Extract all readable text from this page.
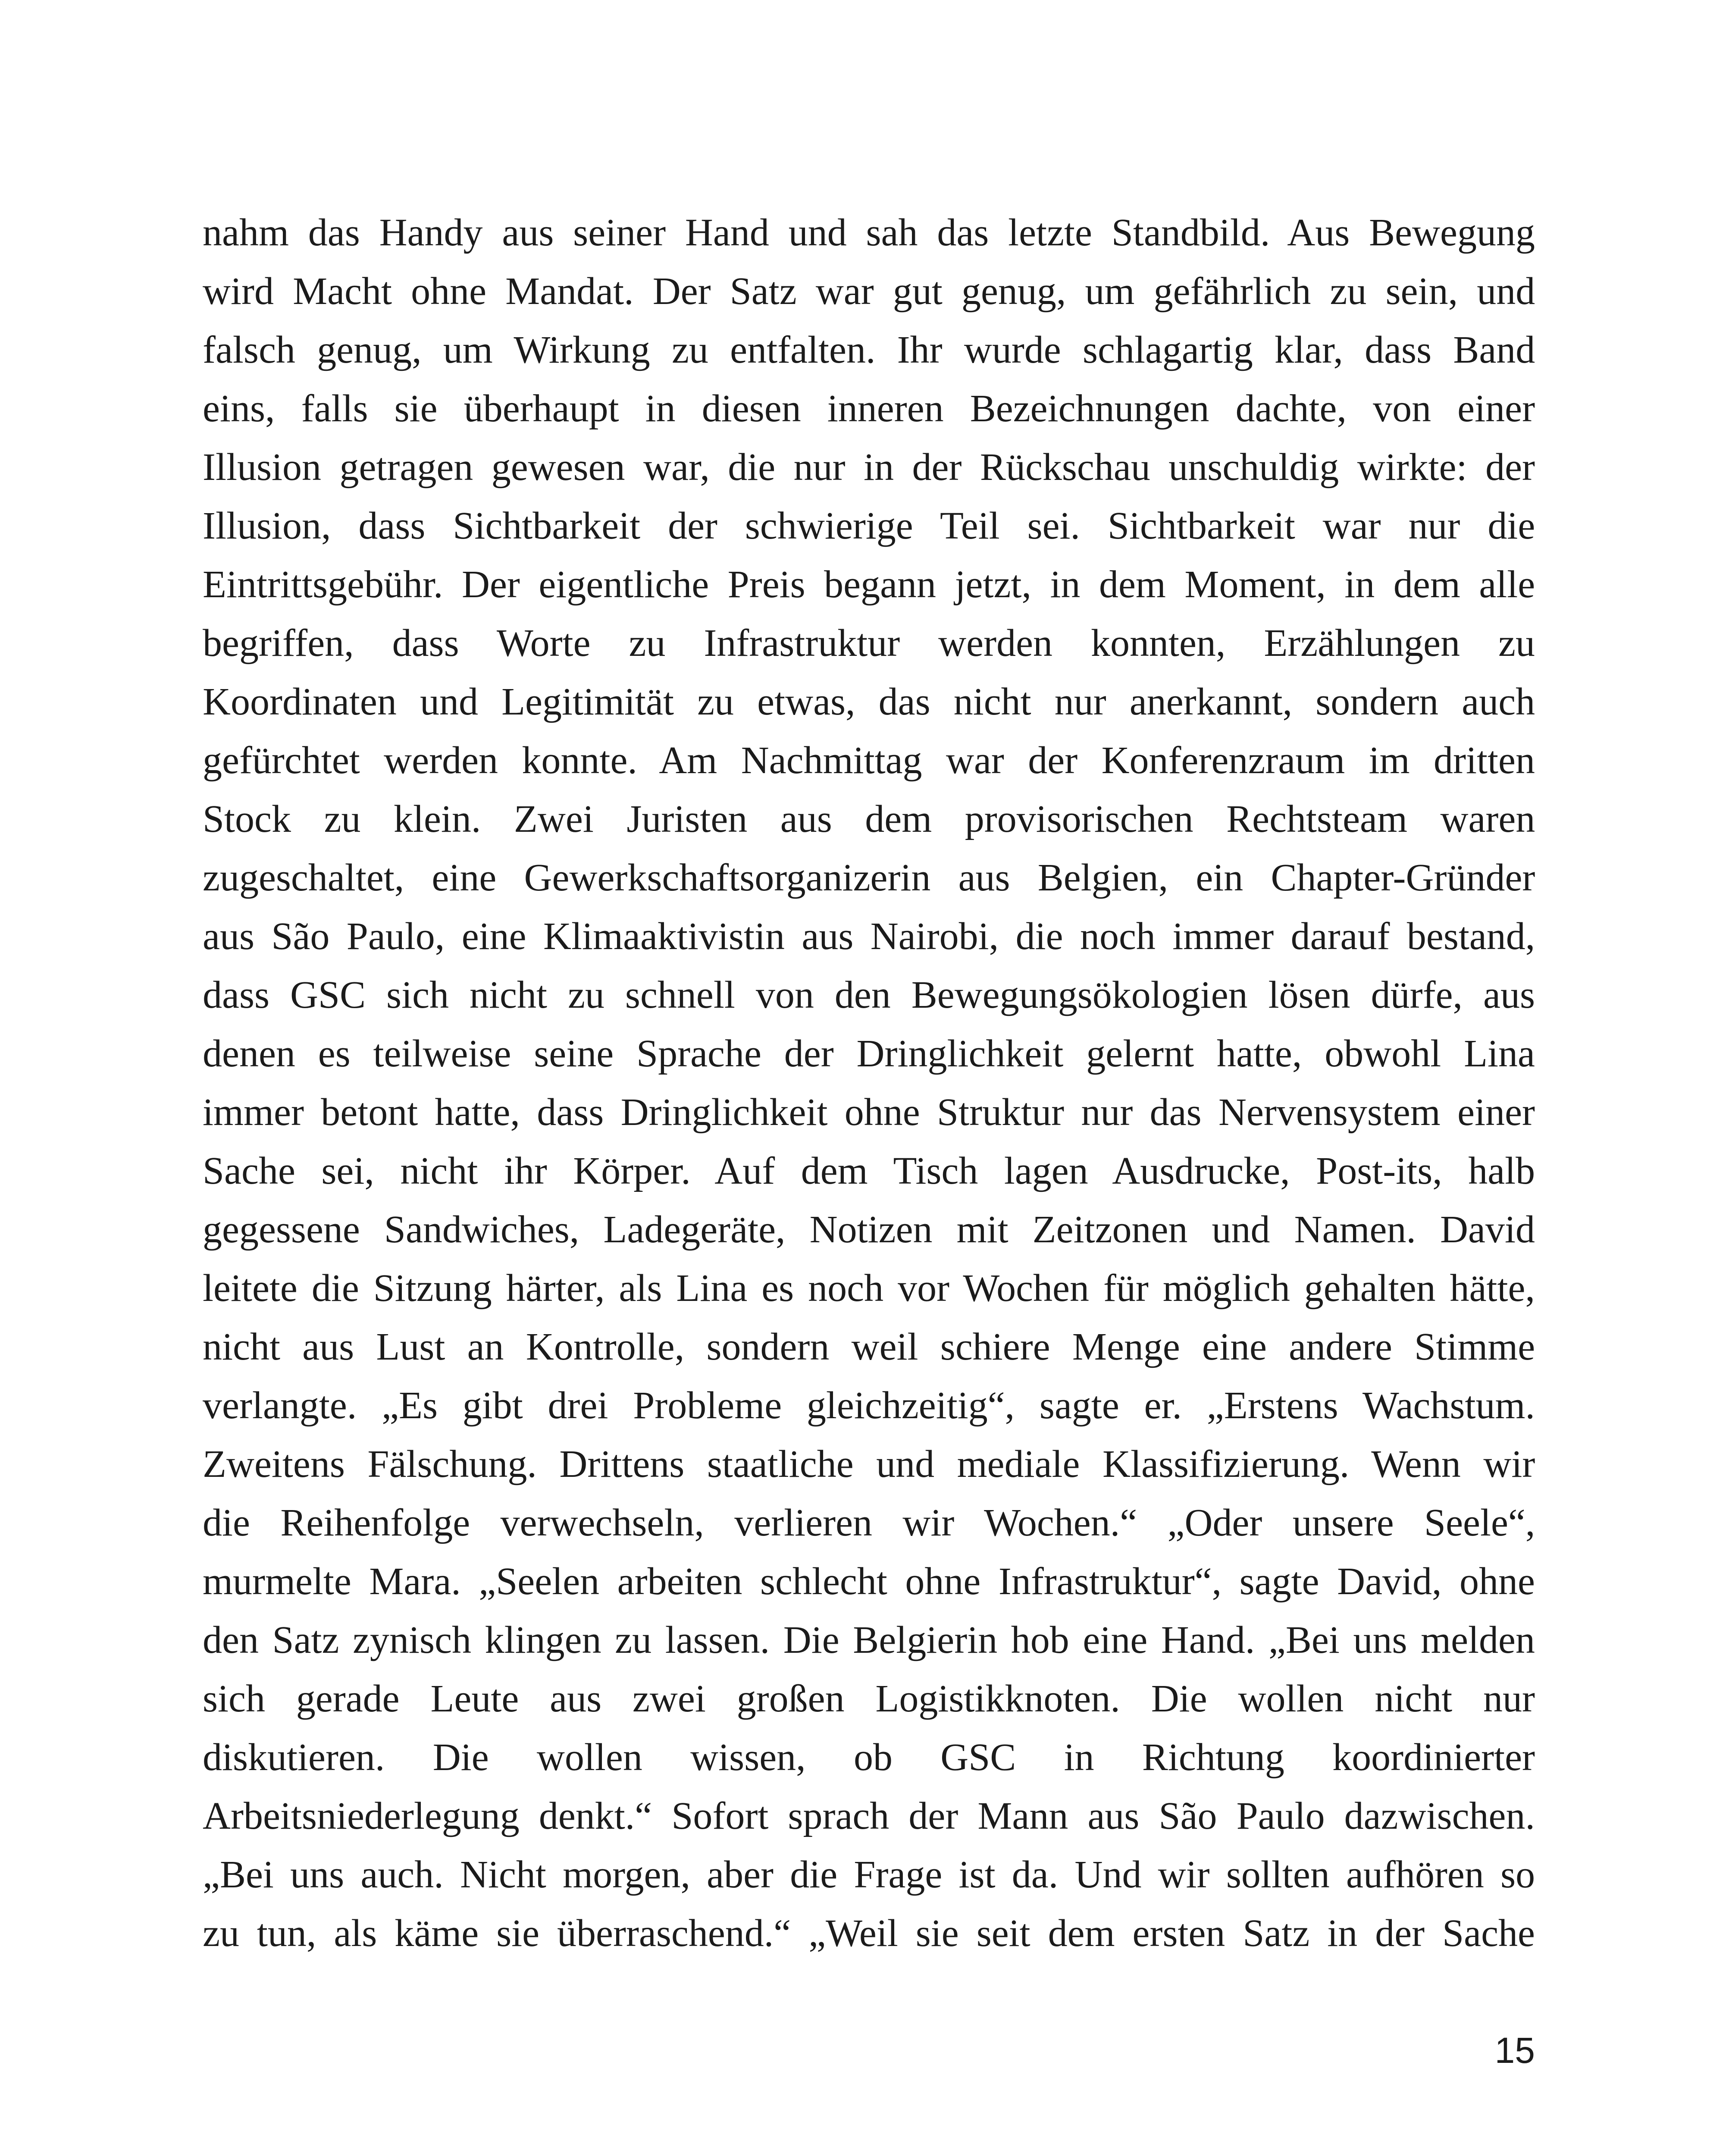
nahm das Handy aus seiner Hand und sah das letzte Standbild. Aus Bewegung
wird Macht ohne Mandat. Der Satz war gut genug, um gefährlich zu sein, und
falsch genug, um Wirkung zu entfalten. Ihr wurde schlagartig klar, dass Band
eins, falls sie überhaupt in diesen inneren Bezeichnungen dachte, von einer
Illusion getragen gewesen war, die nur in der Rückschau unschuldig wirkte: der
Illusion, dass Sichtbarkeit der schwierige Teil sei. Sichtbarkeit war nur die
Eintrittsgebühr. Der eigentliche Preis begann jetzt, in dem Moment, in dem alle
begriffen, dass Worte zu Infrastruktur werden konnten, Erzählungen zu
Koordinaten und Legitimität zu etwas, das nicht nur anerkannt, sondern auch
gefürchtet werden konnte. Am Nachmittag war der Konferenzraum im dritten
Stock zu klein. Zwei Juristen aus dem provisorischen Rechtsteam waren
zugeschaltet, eine Gewerkschaftsorganizerin aus Belgien, ein Chapter-Gründer
aus São Paulo, eine Klimaaktivistin aus Nairobi, die noch immer darauf bestand,
dass GSC sich nicht zu schnell von den Bewegungsökologien lösen dürfe, aus
denen es teilweise seine Sprache der Dringlichkeit gelernt hatte, obwohl Lina
immer betont hatte, dass Dringlichkeit ohne Struktur nur das Nervensystem einer
Sache sei, nicht ihr Körper. Auf dem Tisch lagen Ausdrucke, Post-its, halb
gegessene Sandwiches, Ladegeräte, Notizen mit Zeitzonen und Namen. David
leitete die Sitzung härter, als Lina es noch vor Wochen für möglich gehalten hätte,
nicht aus Lust an Kontrolle, sondern weil schiere Menge eine andere Stimme
verlangte. „Es gibt drei Probleme gleichzeitig“, sagte er. „Erstens Wachstum.
Zweitens Fälschung. Drittens staatliche und mediale Klassifizierung. Wenn wir
die Reihenfolge verwechseln, verlieren wir Wochen.“ „Oder unsere Seele“,
murmelte Mara. „Seelen arbeiten schlecht ohne Infrastruktur“, sagte David, ohne
den Satz zynisch klingen zu lassen. Die Belgierin hob eine Hand. „Bei uns melden
sich gerade Leute aus zwei großen Logistikknoten. Die wollen nicht nur
diskutieren. Die wollen wissen, ob GSC in Richtung koordinierter
Arbeitsniederlegung denkt.“ Sofort sprach der Mann aus São Paulo dazwischen.
„Bei uns auch. Nicht morgen, aber die Frage ist da. Und wir sollten aufhören so
zu tun, als käme sie überraschend.“ „Weil sie seit dem ersten Satz in der Sache
15
